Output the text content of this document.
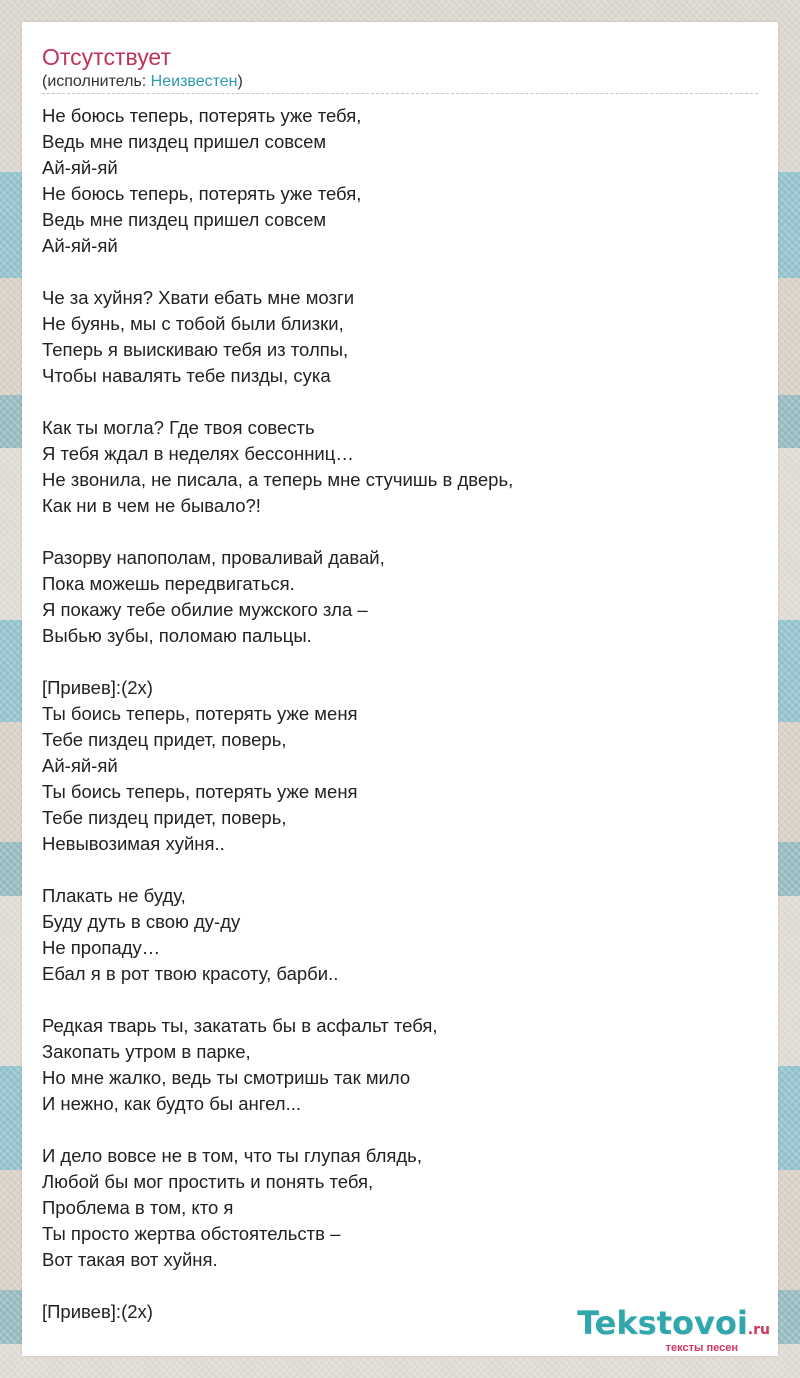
Отсутствует
(исполнитель: Неизвестен)
Не боюсь теперь, потерять уже тебя,
Ведь мне пиздец пришел совсем
Ай-яй-яй
Не боюсь теперь, потерять уже тебя,
Ведь мне пиздец пришел совсем
Ай-яй-яй
Че за хуйня? Хвати ебать мне мозги
Не буянь, мы с тобой были близки,
Теперь я выискиваю тебя из толпы,
Чтобы навалять тебе пизды, сука
Как ты могла? Где твоя совесть
Я тебя ждал в неделях бессонниц…
Не звонила, не писала, а теперь мне стучишь в дверь,
Как ни в чем не бывало?!
Разорву напополам, проваливай давай,
Пока можешь передвигаться.
Я покажу тебе обилие мужского зла –
Выбью зубы, поломаю пальцы.
[Привев]:(2x)
Ты боись теперь, потерять уже меня
Тебе пиздец придет, поверь,
Ай-яй-яй
Ты боись теперь, потерять уже меня
Тебе пиздец придет, поверь,
Невывозимая хуйня..
Плакать не буду,
Буду дуть в свою ду-ду
Не пропаду…
Ебал я в рот твою красоту, барби..
Редкая тварь ты, закатать бы в асфальт тебя,
Закопать утром в парке,
Но мне жалко, ведь ты смотришь так мило
И нежно, как будто бы ангел...
И дело вовсе не в том, что ты глупая блядь,
Любой бы мог простить и понять тебя,
Проблема в том, кто я
Ты просто жертва обстоятельств –
Вот такая вот хуйня.
[Привев]:(2x)	Tekstovoi.ru
тексты песен
